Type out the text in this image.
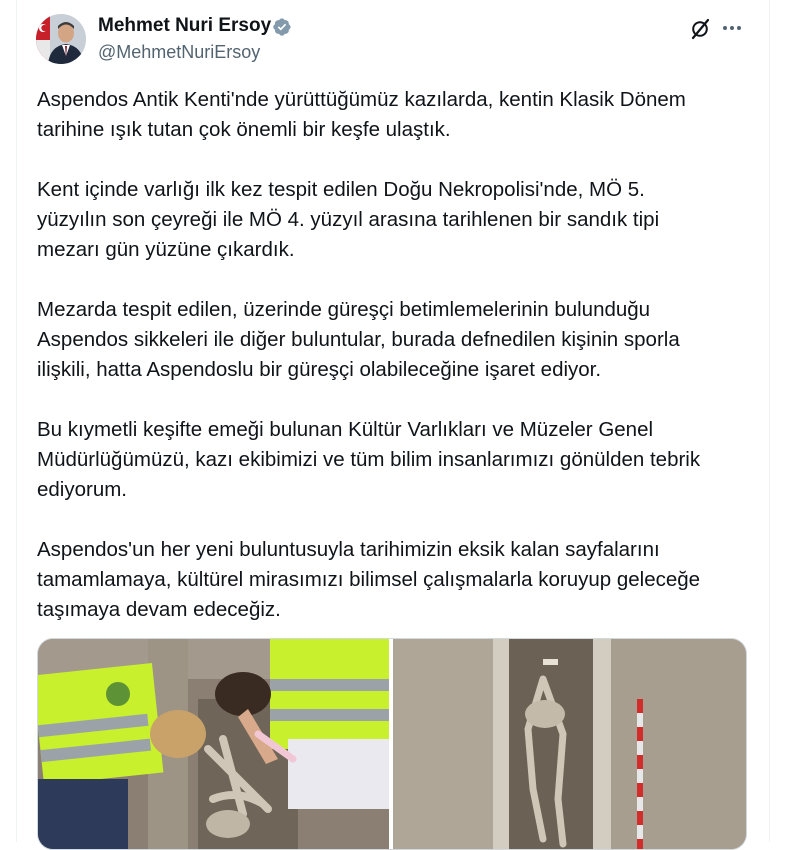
Mehmet Nuri Ersoy
@MehmetNuriErsoy

Aspendos Antik Kenti'nde yürüttüğümüz kazılarda, kentin Klasik Dönem
tarihine ışık tutan çok önemli bir keşfe ulaştık.

Kent içinde varlığı ilk kez tespit edilen Doğu Nekropolisi'nde, MÖ 5.
yüzyılın son çeyreği ile MÖ 4. yüzyıl arasına tarihlenen bir sandık tipi
mezarı gün yüzüne çıkardık.

Mezarda tespit edilen, üzerinde güreşçi betimlemelerinin bulunduğu
Aspendos sikkeleri ile diğer buluntular, burada defnedilen kişinin sporla
ilişkili, hatta Aspendoslu bir güreşçi olabileceğine işaret ediyor.

Bu kıymetli keşifte emeği bulunan Kültür Varlıkları ve Müzeler Genel
Müdürlüğümüzü, kazı ekibimizi ve tüm bilim insanlarımızı gönülden tebrik
ediyorum.

Aspendos'un her yeni buluntusuyla tarihimizin eksik kalan sayfalarını
tamamlamaya, kültürel mirasımızı bilimsel çalışmalarla koruyup geleceğe
taşımaya devam edeceğiz.
